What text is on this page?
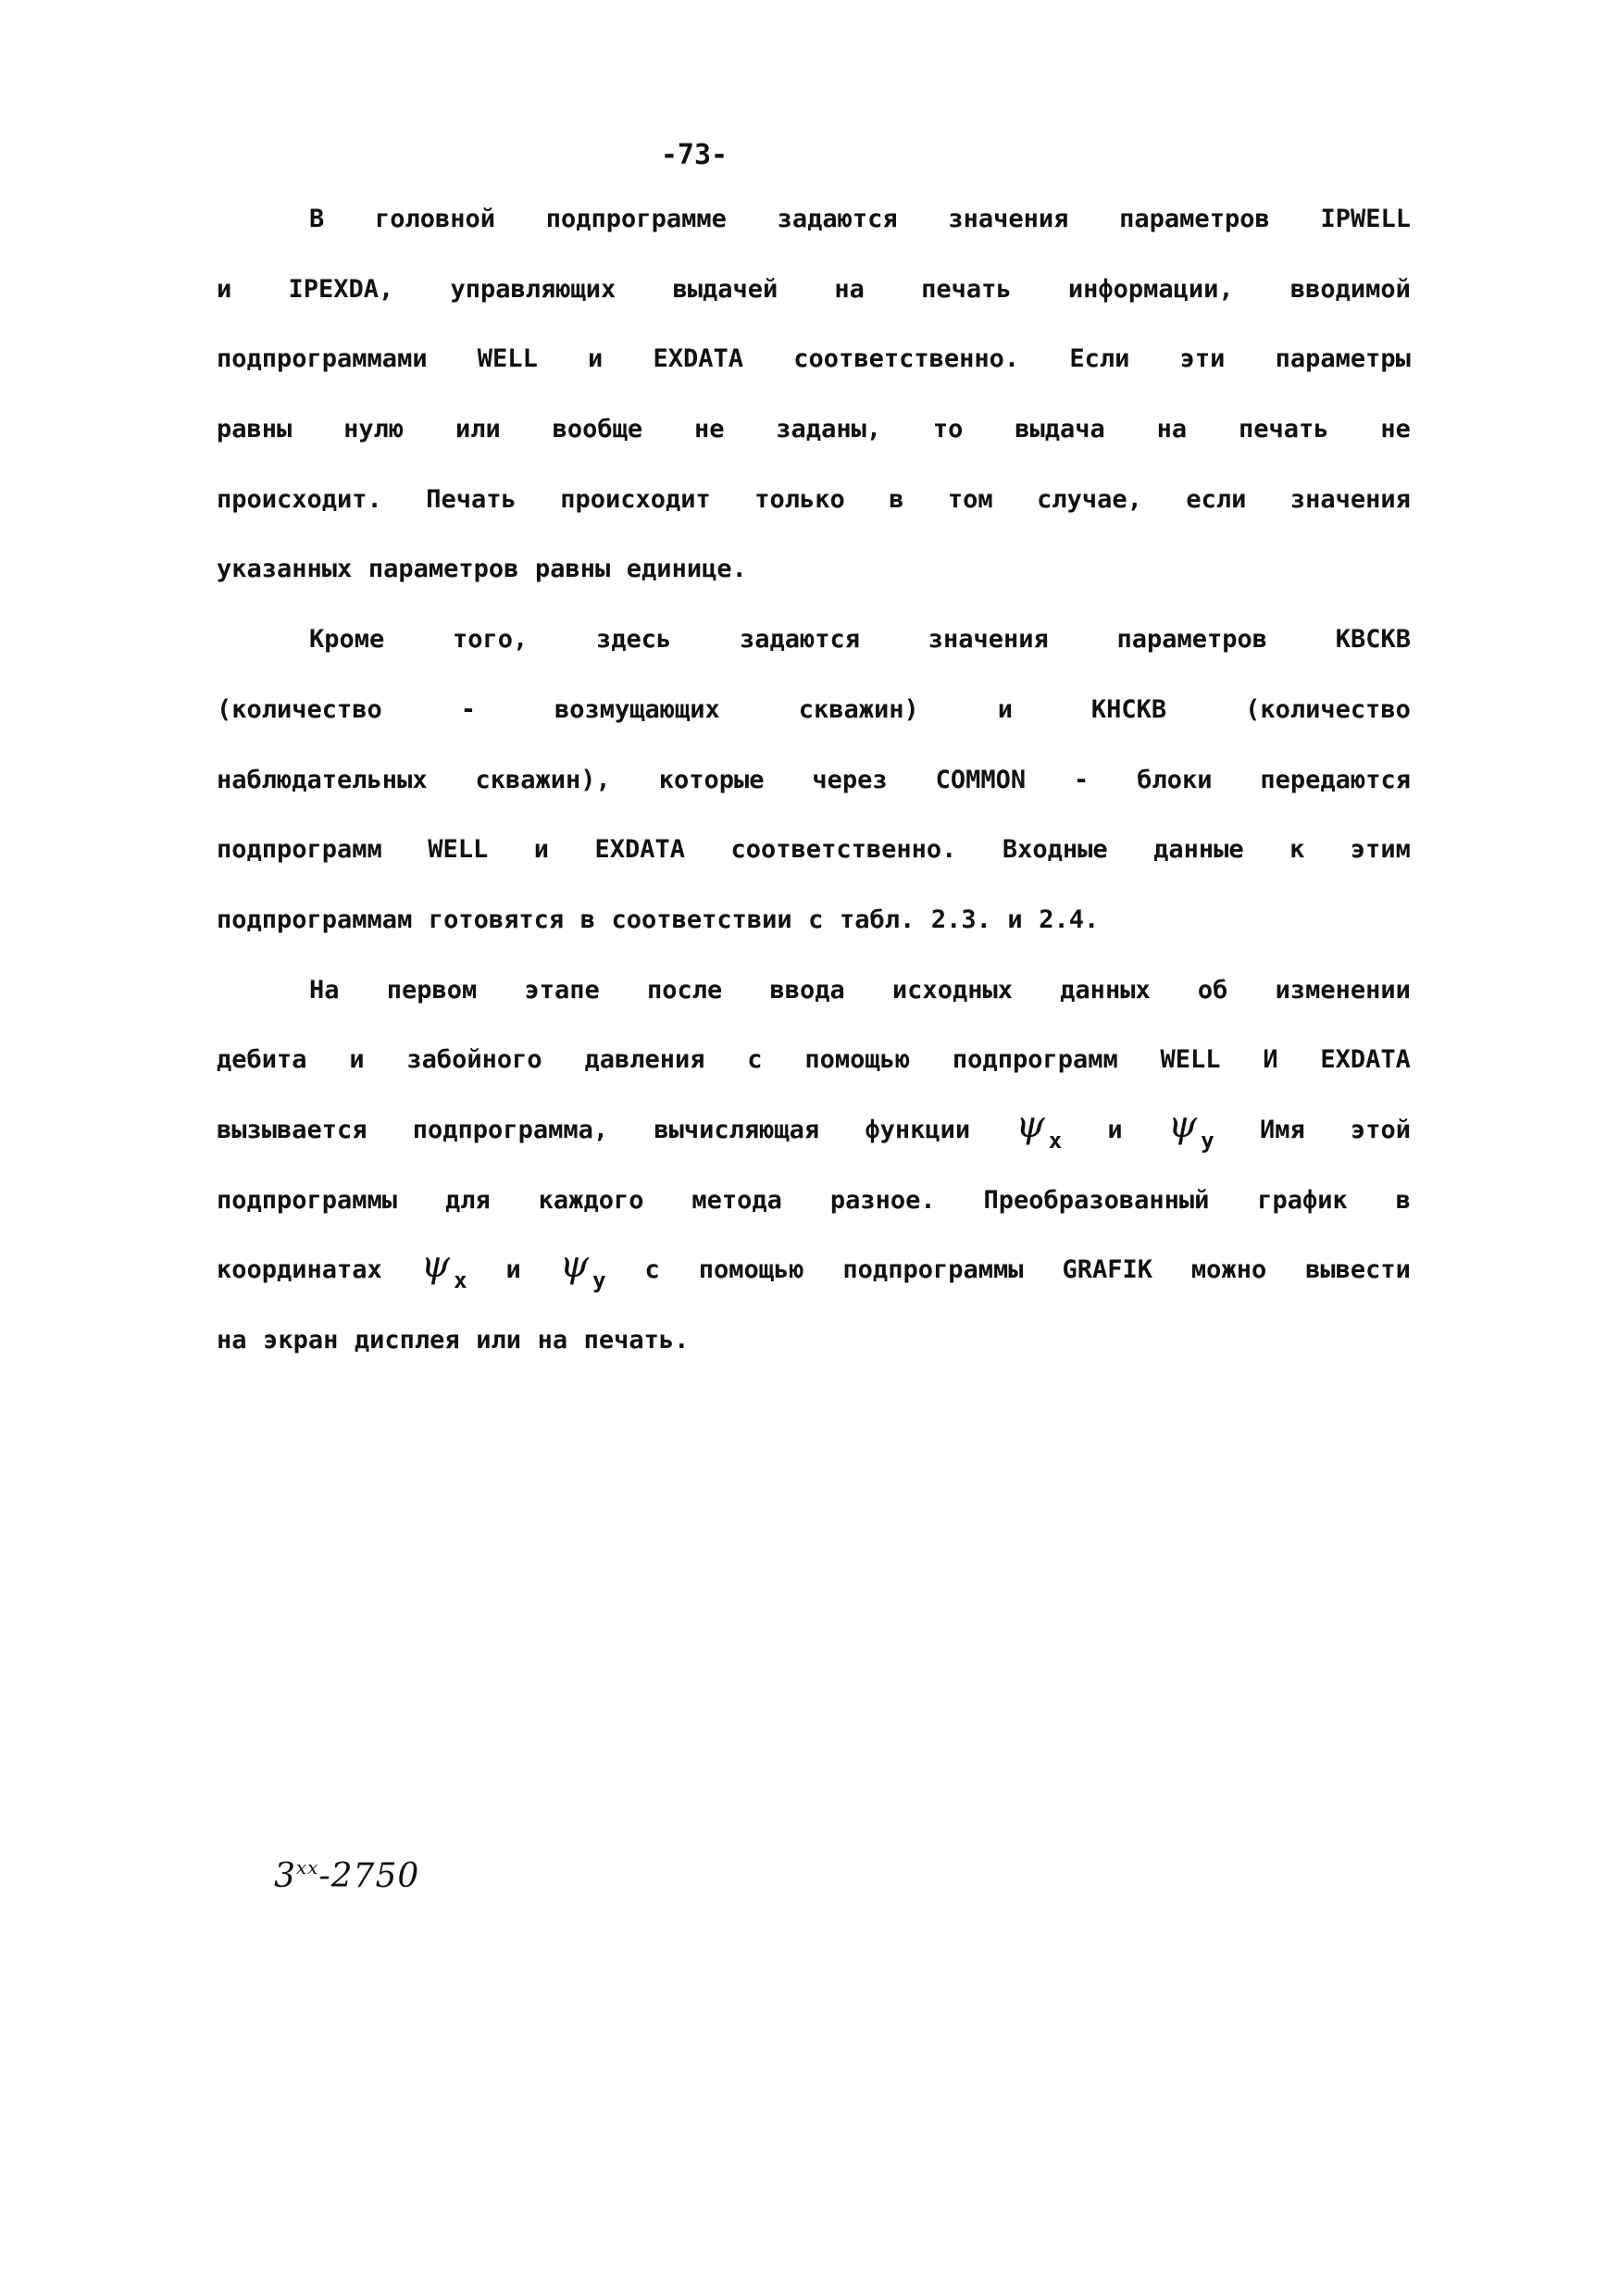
-73-
В головной подпрограмме задаются значения параметров IPWELL
и IPEXDA, управляющих выдачей на печать информации, вводимой
подпрограммами WELL и EXDATA соответственно. Если эти параметры
равны нулю или вообще не заданы, то выдача на печать не
происходит. Печать происходит только в том случае, если значения
указанных параметров равны единице.
Кроме	того,	здесь	задаются	значения	параметров	KBCKB
(количество	-	возмущающих	скважин)	и	KHCKB	(количество
наблюдательных скважин), которые через COMMON - блоки передаются
подпрограмм WELL и EXDATA соответственно. Входные данные к этим
подпрограммам готовятся в соответствии с табл. 2.3. и 2.4.
На первом этапе после ввода исходных данных об изменении
дебита и забойного давления с помощью подпрограмм WELL И EXDATA
вызывается подпрограмма, вычисляющая функции ψ x и ψ y Имя этой
подпрограммы для каждого метода разное. Преобразованный график в
координатах ψ x и ψ y с помощью подпрограммы GRAFIK можно вывести
на экран дисплея или на печать.
$3^{хх}-2750$
